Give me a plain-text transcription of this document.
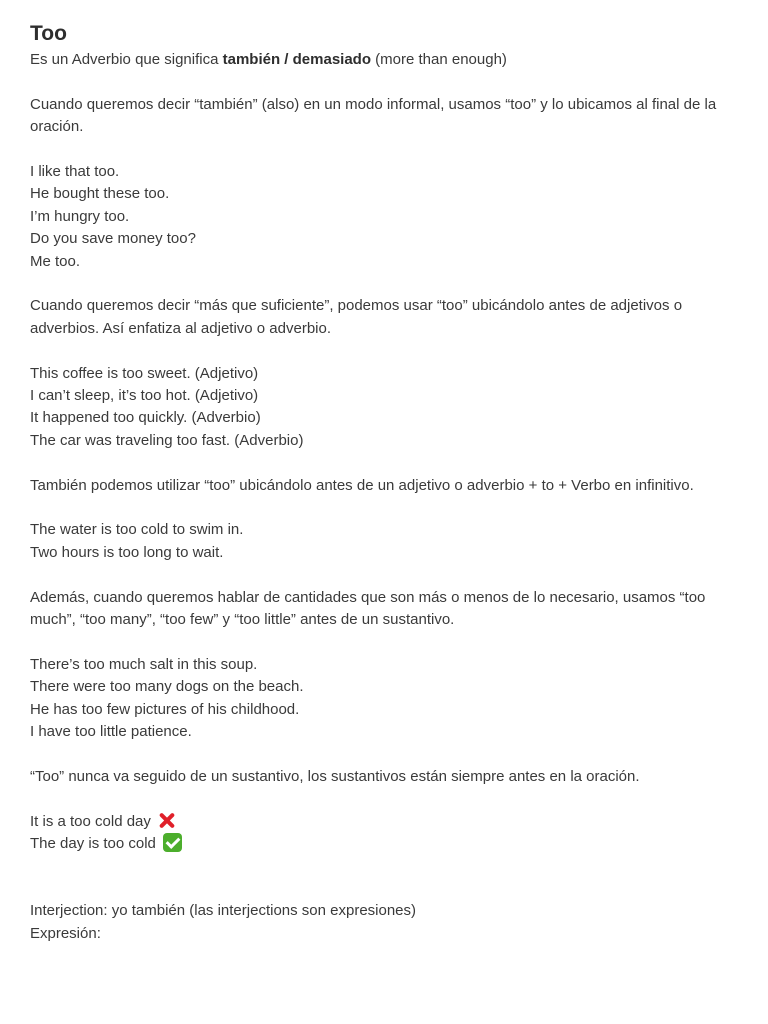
Too
Es un Adverbio que significa también / demasiado (more than enough)
Cuando queremos decir “también” (also) en un modo informal, usamos “too” y lo ubicamos al final de la oración.
I like that too.
He bought these too.
I’m hungry too.
Do you save money too?
Me too.
Cuando queremos decir “más que suficiente”, podemos usar “too” ubicándolo antes de adjetivos o adverbios. Así enfatiza al adjetivo o adverbio.
This coffee is too sweet. (Adjetivo)
I can’t sleep, it’s too hot. (Adjetivo)
It happened too quickly. (Adverbio)
The car was traveling too fast. (Adverbio)
También podemos utilizar “too” ubicándolo antes de un adjetivo o adverbio + to + Verbo en infinitivo.
The water is too cold to swim in.
Two hours is too long to wait.
Además, cuando queremos hablar de cantidades que son más o menos de lo necesario, usamos “too much”, “too many”, “too few” y “too little” antes de un sustantivo.
There’s too much salt in this soup.
There were too many dogs on the beach.
He has too few pictures of his childhood.
I have too little patience.
“Too” nunca va seguido de un sustantivo, los sustantivos están siempre antes en la oración.
It is a too cold day
The day is too cold
Interjection: yo también (las interjections son expresiones)
Expresión:
